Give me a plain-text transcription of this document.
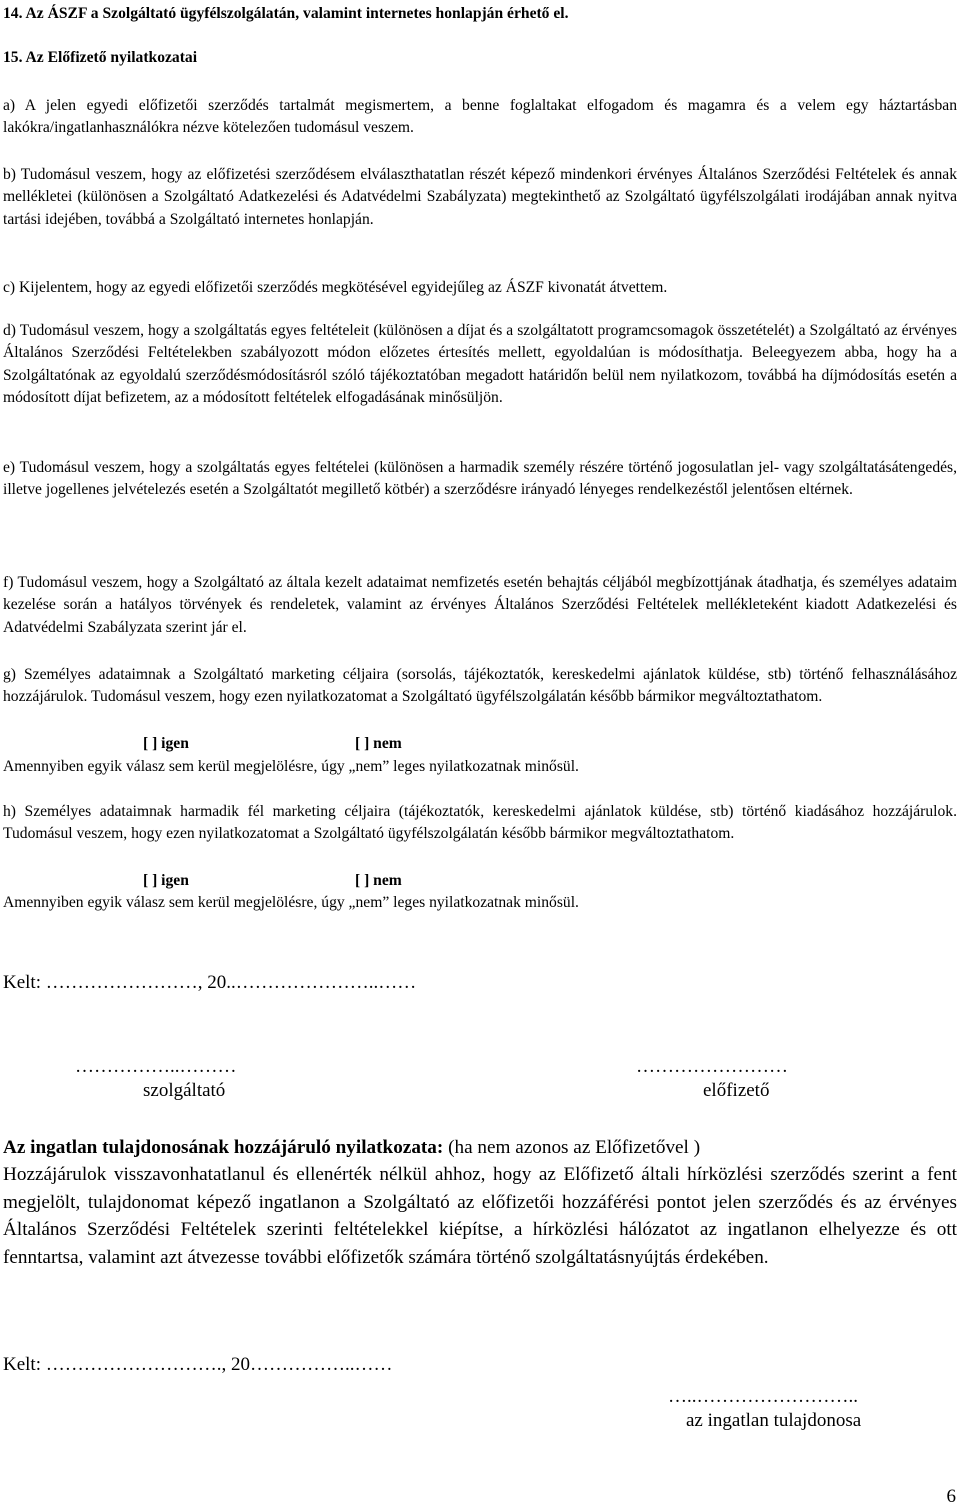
14. Az ÁSZF a Szolgáltató ügyfélszolgálatán, valamint internetes honlapján érhető el.

15. Az Előfizető nyilatkozatai

a) A jelen egyedi előfizetői szerződés tartalmát megismertem, a benne foglaltakat elfogadom és magamra és a velem egy háztartásban lakókra/ingatlanhasználókra nézve kötelezően tudomásul veszem.

b) Tudomásul veszem, hogy az előfizetési szerződésem elválaszthatatlan részét képező mindenkori érvényes Általános Szerződési Feltételek és annak mellékletei (különösen a Szolgáltató Adatkezelési és Adatvédelmi Szabályzata) megtekinthető az Szolgáltató ügyfélszolgálati irodájában annak nyitva tartási idejében, továbbá a Szolgáltató internetes honlapján.

c) Kijelentem, hogy az egyedi előfizetői szerződés megkötésével egyidejűleg az ÁSZF kivonatát átvettem.

d) Tudomásul veszem, hogy a szolgáltatás egyes feltételeit (különösen a díjat és a szolgáltatott programcsomagok összetételét) a Szolgáltató az érvényes Általános Szerződési Feltételekben szabályozott módon előzetes értesítés mellett, egyoldalúan is módosíthatja. Beleegyezem abba, hogy ha a Szolgáltatónak az egyoldalú szerződésmódosításról szóló tájékoztatóban megadott határidőn belül nem nyilatkozom, továbbá ha díjmódosítás esetén a módosított díjat befizetem, az a módosított feltételek elfogadásának minősüljön.

e) Tudomásul veszem, hogy a szolgáltatás egyes feltételei (különösen a harmadik személy részére történő jogosulatlan jel- vagy szolgáltatásátengedés, illetve jogellenes jelvételezés esetén a Szolgáltatót megillető kötbér) a szerződésre irányadó lényeges rendelkezéstől jelentősen eltérnek.

f) Tudomásul veszem, hogy a Szolgáltató az általa kezelt adataimat nemfizetés esetén behajtás céljából megbízottjának átadhatja, és személyes adataim kezelése során a hatályos törvények és rendeletek, valamint az érvényes Általános Szerződési Feltételek mellékleteként kiadott Adatkezelési és Adatvédelmi Szabályzata szerint jár el.

g) Személyes adataimnak a Szolgáltató marketing céljaira (sorsolás, tájékoztatók, kereskedelmi ajánlatok küldése, stb) történő felhasználásához hozzájárulok. Tudomásul veszem, hogy ezen nyilatkozatomat a Szolgáltató ügyfélszolgálatán később bármikor megváltoztathatom.

[ ] igen	[ ] nem

Amennyiben egyik válasz sem kerül megjelölésre, úgy „nem” leges nyilatkozatnak minősül.

h) Személyes adataimnak harmadik fél marketing céljaira (tájékoztatók, kereskedelmi ajánlatok küldése, stb) történő kiadásához hozzájárulok. Tudomásul veszem, hogy ezen nyilatkozatomat a Szolgáltató ügyfélszolgálatán később bármikor megváltoztathatom.

[ ] igen	[ ] nem

Amennyiben egyik válasz sem kerül megjelölésre, úgy „nem” leges nyilatkozatnak minősül.

Kelt: ……………………, 20..…………………..……
……………..………
szolgáltató
……………………
előfizető
Az ingatlan tulajdonosának hozzájáruló nyilatkozata: (ha nem azonos az Előfizetővel )

Hozzájárulok visszavonhatatlanul és ellenérték nélkül ahhoz, hogy az Előfizető általi hírközlési szerződés szerint a fent megjelölt, tulajdonomat képező ingatlanon a Szolgáltató az előfizetői hozzáférési pontot jelen szerződés és az érvényes Általános Szerződési Feltételek szerinti feltételekkel kiépítse, a hírközlési hálózatot az ingatlanon elhelyezze és ott fenntartsa, valamint azt átvezesse további előfizetők számára történő szolgáltatásnyújtás érdekében.

Kelt: ………………………., 20……………..……
…..……………………..
az ingatlan tulajdonosa
6
